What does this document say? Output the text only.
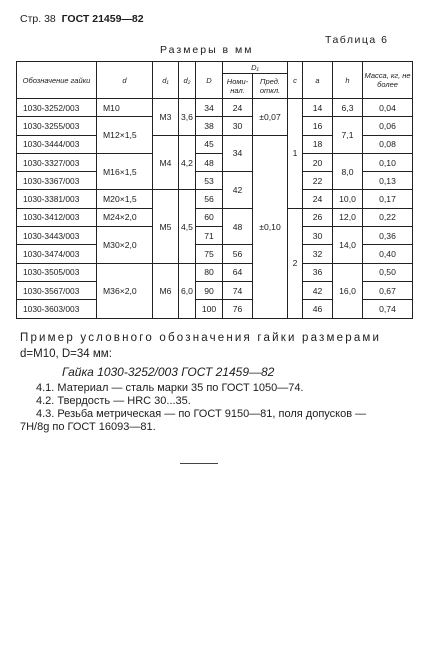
Стр. 38 ГОСТ 21459—82
Таблица 6
Размеры в мм
Обозначение гайки	d	d₁	d₂	D	D₁		c	a	h	Масса, кг, не более
					Номи-нал.	Пред. откл.				
1030-3252/003	M10	M3	3,6	34	24	±0,07	1	14	6,3	0,04
1030-3255/003	M12×1,5			38	30			16	7,1	0,06
1030-3444/003		M4	4,2	45	34	±0,10		18		0,08
1030-3327/003	M16×1,5			48				20	8,0	0,10
1030-3367/003				53	42			22		0,13
1030-3381/003	M20×1,5	M5	4,5	56				24	10,0	0,17
1030-3412/003	M24×2,0			60	48		2	26	12,0	0,22
1030-3443/003	M30×2,0			71				30	14,0	0,36
1030-3474/003				75	56			32		0,40
1030-3505/003	M36×2,0	M6	6,0	80	64			36	16,0	0,50
1030-3567/003				90	74			42		0,67
1030-3603/003				100	76			46		0,74
Пример условного обозначения гайки размерами
d=M10, D=34 мм:
Гайка 1030-3252/003 ГОСТ 21459—82
4.1. Материал — сталь марки 35 по ГОСТ 1050—74.
4.2. Твердость — HRC 30...35.
4.3. Резьба метрическая — по ГОСТ 9150—81, поля допусков —
7H/8g по ГОСТ 16093—81.
